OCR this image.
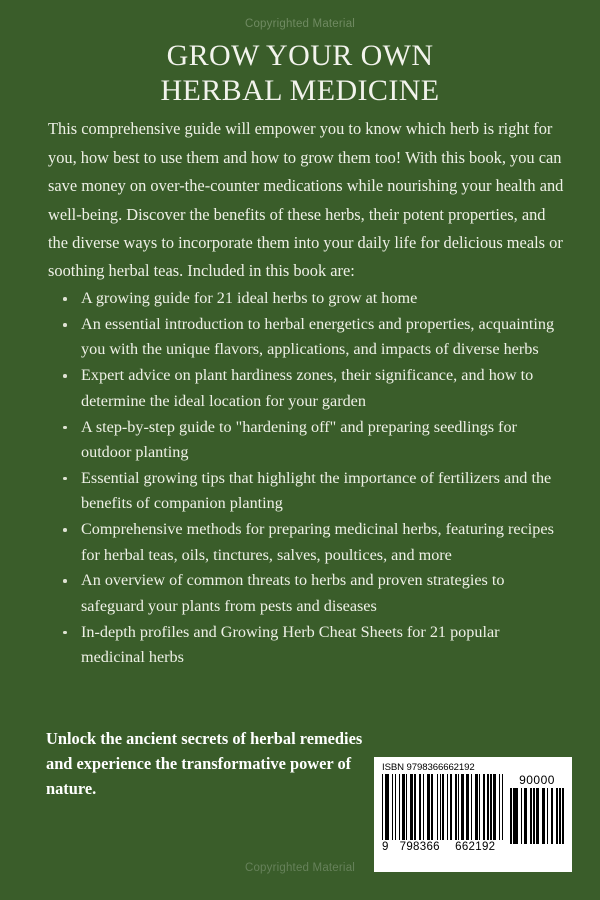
Copyrighted Material
GROW YOUR OWN
HERBAL MEDICINE

This comprehensive guide will empower you to know which herb is right for you, how best to use them and how to grow them too! With this book, you can save money on over-the-counter medications while nourishing your health and well-being. Discover the benefits of these herbs, their potent properties, and the diverse ways to incorporate them into your daily life for delicious meals or soothing herbal teas. Included in this book are:

A growing guide for 21 ideal herbs to grow at home
An essential introduction to herbal energetics and properties, acquainting you with the unique flavors, applications, and impacts of diverse herbs
Expert advice on plant hardiness zones, their significance, and how to determine the ideal location for your garden
A step-by-step guide to "hardening off" and preparing seedlings for outdoor planting
Essential growing tips that highlight the importance of fertilizers and the benefits of companion planting
Comprehensive methods for preparing medicinal herbs, featuring recipes for herbal teas, oils, tinctures, salves, poultices, and more
An overview of common threats to herbs and proven strategies to safeguard your plants from pests and diseases
In-depth profiles and Growing Herb Cheat Sheets for 21 popular medicinal herbs

Unlock the ancient secrets of herbal remedies and experience the transformative power of nature.

ISBN 9798366662192
9 798366	662192
90000
Copyrighted Material
